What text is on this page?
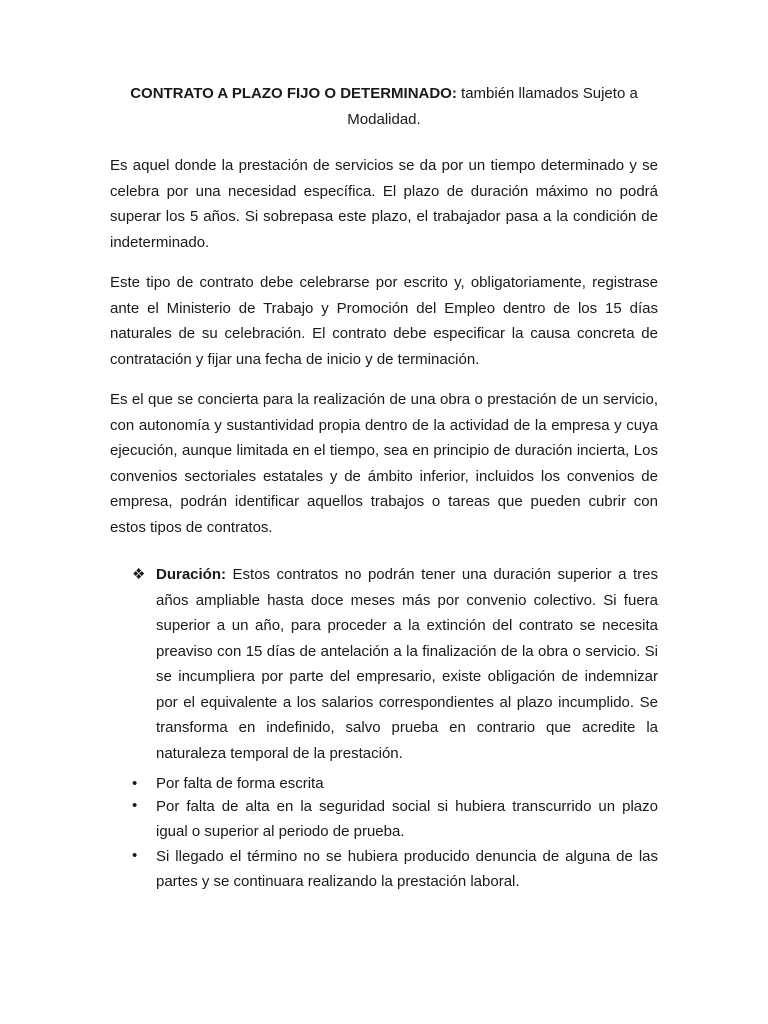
CONTRATO A PLAZO FIJO O DETERMINADO: también llamados Sujeto a Modalidad.

Es aquel donde la prestación de servicios se da por un tiempo determinado y se celebra por una necesidad específica. El plazo de duración máximo no podrá superar los 5 años. Si sobrepasa este plazo, el trabajador pasa a la condición de indeterminado.

Este tipo de contrato debe celebrarse por escrito y, obligatoriamente, registrase ante el Ministerio de Trabajo y Promoción del Empleo dentro de los 15 días naturales de su celebración. El contrato debe especificar la causa concreta de contratación y fijar una fecha de inicio y de terminación.

Es el que se concierta para la realización de una obra o prestación de un servicio, con autonomía y sustantividad propia dentro de la actividad de la empresa y cuya ejecución, aunque limitada en el tiempo, sea en principio de duración incierta, Los convenios sectoriales estatales y de ámbito inferior, incluidos los convenios de empresa, podrán identificar aquellos trabajos o tareas que pueden cubrir con estos tipos de contratos.

❖ Duración: Estos contratos no podrán tener una duración superior a tres años ampliable hasta doce meses más por convenio colectivo. Si fuera superior a un año, para proceder a la extinción del contrato se necesita preaviso con 15 días de antelación a la finalización de la obra o servicio. Si se incumpliera por parte del empresario, existe obligación de indemnizar por el equivalente a los salarios correspondientes al plazo incumplido. Se transforma en indefinido, salvo prueba en contrario que acredite la naturaleza temporal de la prestación.

• Por falta de forma escrita
• Por falta de alta en la seguridad social si hubiera transcurrido un plazo igual o superior al periodo de prueba.
• Si llegado el término no se hubiera producido denuncia de alguna de las partes y se continuara realizando la prestación laboral.
